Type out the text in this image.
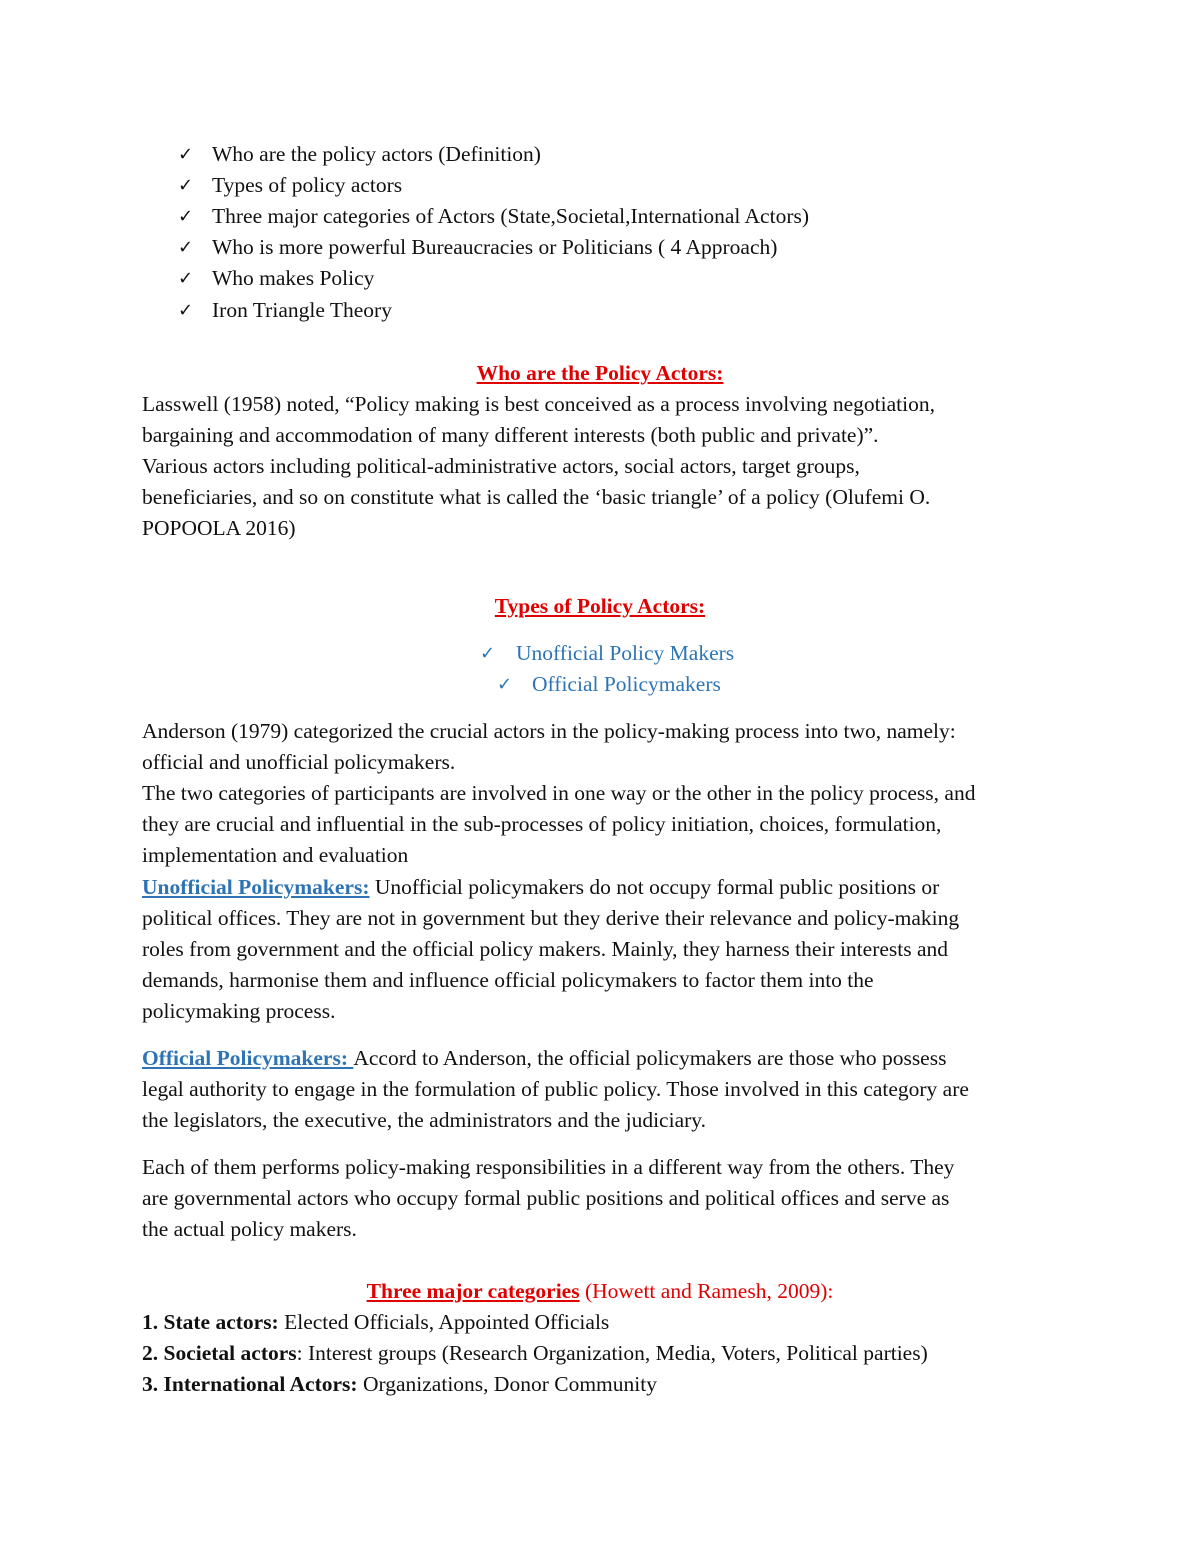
✓ Who are the policy actors (Definition)
✓ Types of policy actors
✓ Three major categories of Actors (State,Societal,International Actors)
✓ Who is more powerful Bureaucracies or Politicians ( 4 Approach)
✓ Who makes Policy
✓ Iron Triangle Theory
Who are the Policy Actors:
Lasswell (1958) noted, “Policy making is best conceived as a process involving negotiation,
bargaining and accommodation of many different interests (both public and private)”.
Various actors including political-administrative actors, social actors, target groups,
beneficiaries, and so on constitute what is called the ‘basic triangle’ of a policy (Olufemi O.
POPOOLA 2016)
Types of Policy Actors:
✓ Unofficial Policy Makers
✓ Official Policymakers
Anderson (1979) categorized the crucial actors in the policy-making process into two, namely:
official and unofficial policymakers.
The two categories of participants are involved in one way or the other in the policy process, and
they are crucial and influential in the sub-processes of policy initiation, choices, formulation,
implementation and evaluation
Unofficial Policymakers: Unofficial policymakers do not occupy formal public positions or
political offices. They are not in government but they derive their relevance and policy-making
roles from government and the official policy makers. Mainly, they harness their interests and
demands, harmonise them and influence official policymakers to factor them into the
policymaking process.
Official Policymakers: Accord to Anderson, the official policymakers are those who possess
legal authority to engage in the formulation of public policy. Those involved in this category are
the legislators, the executive, the administrators and the judiciary.
Each of them performs policy-making responsibilities in a different way from the others. They
are governmental actors who occupy formal public positions and political offices and serve as
the actual policy makers.
Three major categories (Howett and Ramesh, 2009):
1. State actors: Elected Officials, Appointed Officials
2. Societal actors: Interest groups (Research Organization, Media, Voters, Political parties)
3. International Actors: Organizations, Donor Community
